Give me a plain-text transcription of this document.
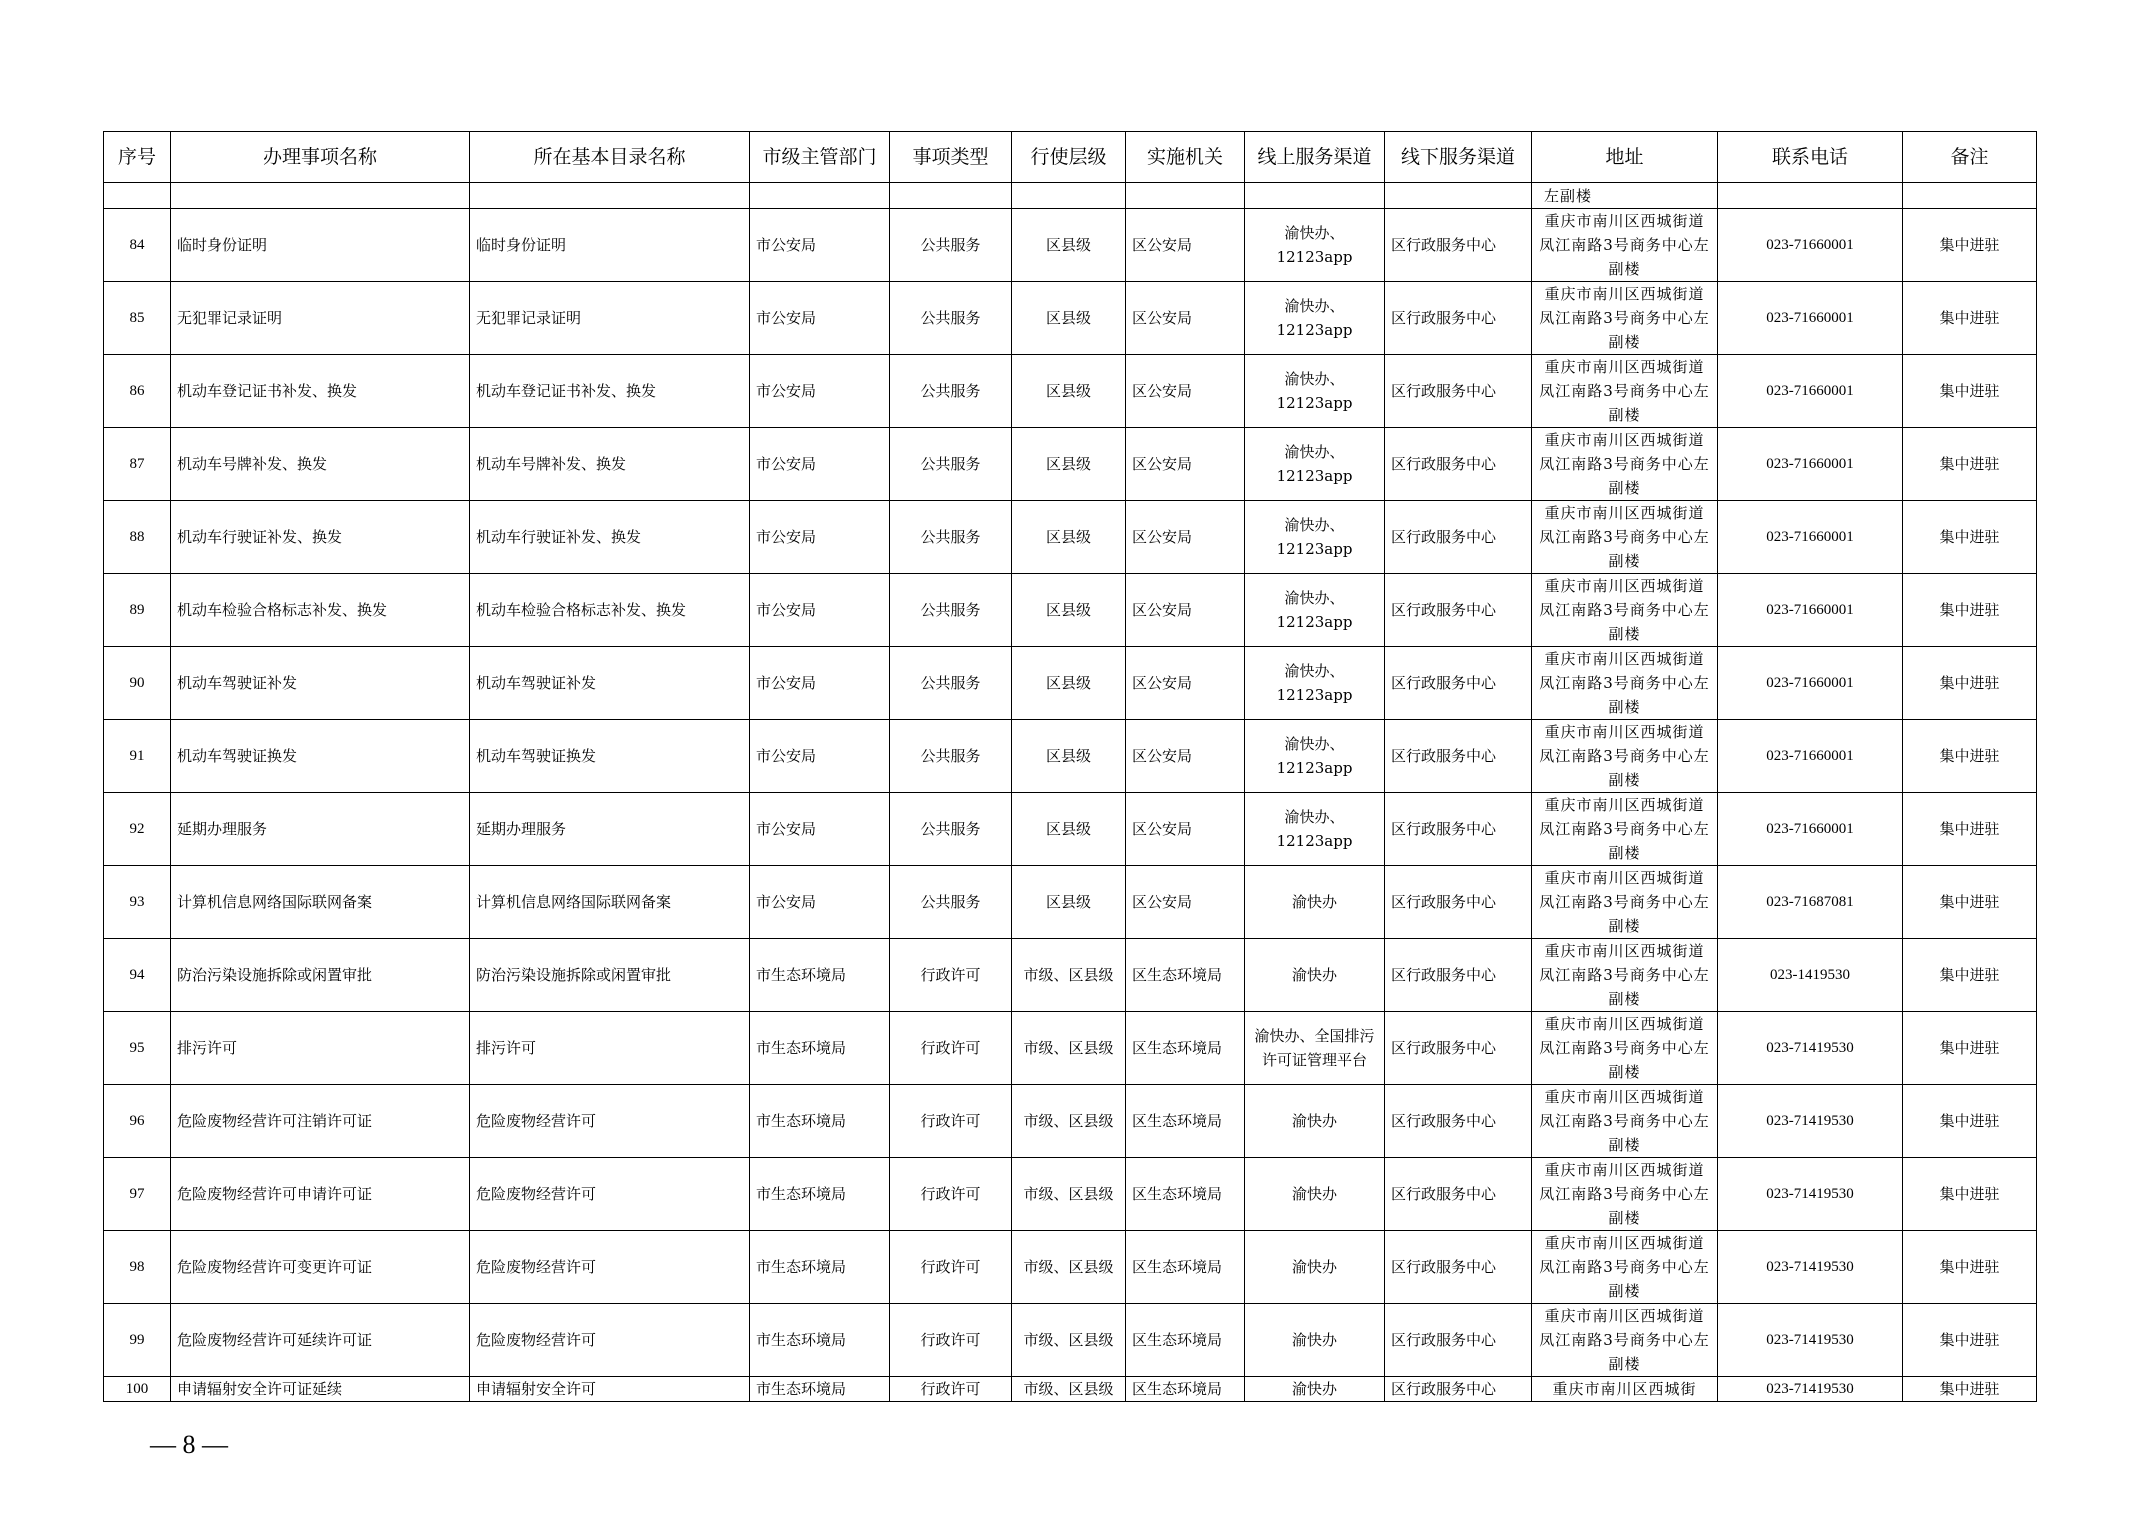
序号	办理事项名称	所在基本目录名称	市级主管部门	事项类型	行使层级	实施机关	线上服务渠道	线下服务渠道	地址	联系电话	备注
									左副楼		
84	临时身份证明	临时身份证明	市公安局	公共服务	区县级	区公安局	渝快办、12123app	区行政服务中心	重庆市南川区西城街道凤江南路3号商务中心左副楼	023-71660001	集中进驻
85	无犯罪记录证明	无犯罪记录证明	市公安局	公共服务	区县级	区公安局	渝快办、12123app	区行政服务中心	重庆市南川区西城街道凤江南路3号商务中心左副楼	023-71660001	集中进驻
86	机动车登记证书补发、换发	机动车登记证书补发、换发	市公安局	公共服务	区县级	区公安局	渝快办、12123app	区行政服务中心	重庆市南川区西城街道凤江南路3号商务中心左副楼	023-71660001	集中进驻
87	机动车号牌补发、换发	机动车号牌补发、换发	市公安局	公共服务	区县级	区公安局	渝快办、12123app	区行政服务中心	重庆市南川区西城街道凤江南路3号商务中心左副楼	023-71660001	集中进驻
88	机动车行驶证补发、换发	机动车行驶证补发、换发	市公安局	公共服务	区县级	区公安局	渝快办、12123app	区行政服务中心	重庆市南川区西城街道凤江南路3号商务中心左副楼	023-71660001	集中进驻
89	机动车检验合格标志补发、换发	机动车检验合格标志补发、换发	市公安局	公共服务	区县级	区公安局	渝快办、12123app	区行政服务中心	重庆市南川区西城街道凤江南路3号商务中心左副楼	023-71660001	集中进驻
90	机动车驾驶证补发	机动车驾驶证补发	市公安局	公共服务	区县级	区公安局	渝快办、12123app	区行政服务中心	重庆市南川区西城街道凤江南路3号商务中心左副楼	023-71660001	集中进驻
91	机动车驾驶证换发	机动车驾驶证换发	市公安局	公共服务	区县级	区公安局	渝快办、12123app	区行政服务中心	重庆市南川区西城街道凤江南路3号商务中心左副楼	023-71660001	集中进驻
92	延期办理服务	延期办理服务	市公安局	公共服务	区县级	区公安局	渝快办、12123app	区行政服务中心	重庆市南川区西城街道凤江南路3号商务中心左副楼	023-71660001	集中进驻
93	计算机信息网络国际联网备案	计算机信息网络国际联网备案	市公安局	公共服务	区县级	区公安局	渝快办	区行政服务中心	重庆市南川区西城街道凤江南路3号商务中心左副楼	023-71687081	集中进驻
94	防治污染设施拆除或闲置审批	防治污染设施拆除或闲置审批	市生态环境局	行政许可	市级、区县级	区生态环境局	渝快办	区行政服务中心	重庆市南川区西城街道凤江南路3号商务中心左副楼	023-1419530	集中进驻
95	排污许可	排污许可	市生态环境局	行政许可	市级、区县级	区生态环境局	渝快办、全国排污许可证管理平台	区行政服务中心	重庆市南川区西城街道凤江南路3号商务中心左副楼	023-71419530	集中进驻
96	危险废物经营许可注销许可证	危险废物经营许可	市生态环境局	行政许可	市级、区县级	区生态环境局	渝快办	区行政服务中心	重庆市南川区西城街道凤江南路3号商务中心左副楼	023-71419530	集中进驻
97	危险废物经营许可申请许可证	危险废物经营许可	市生态环境局	行政许可	市级、区县级	区生态环境局	渝快办	区行政服务中心	重庆市南川区西城街道凤江南路3号商务中心左副楼	023-71419530	集中进驻
98	危险废物经营许可变更许可证	危险废物经营许可	市生态环境局	行政许可	市级、区县级	区生态环境局	渝快办	区行政服务中心	重庆市南川区西城街道凤江南路3号商务中心左副楼	023-71419530	集中进驻
99	危险废物经营许可延续许可证	危险废物经营许可	市生态环境局	行政许可	市级、区县级	区生态环境局	渝快办	区行政服务中心	重庆市南川区西城街道凤江南路3号商务中心左副楼	023-71419530	集中进驻
100	申请辐射安全许可证延续	申请辐射安全许可	市生态环境局	行政许可	市级、区县级	区生态环境局	渝快办	区行政服务中心	重庆市南川区西城街	023-71419530	集中进驻
— 8 —
